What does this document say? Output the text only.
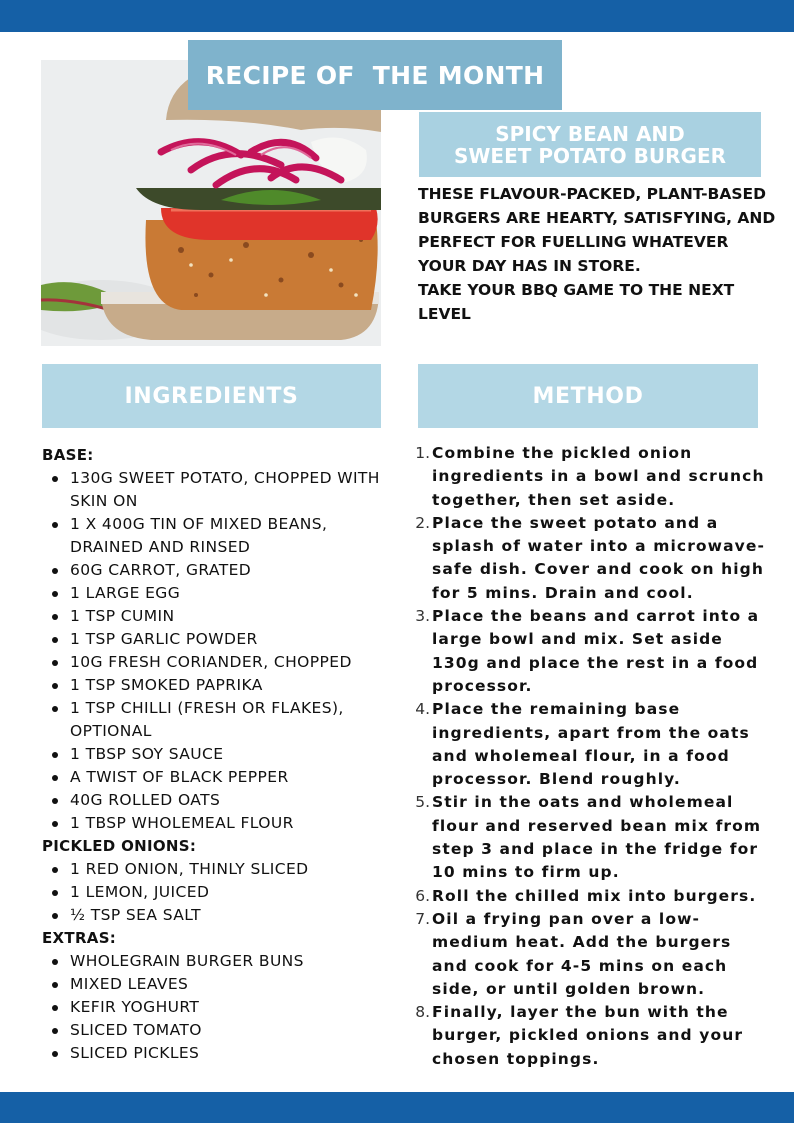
RECIPE OF  THE MONTH
SPICY BEAN AND
SWEET POTATO BURGER

THESE FLAVOUR-PACKED, PLANT-BASED BURGERS ARE HEARTY, SATISFYING, AND PERFECT FOR FUELLING WHATEVER YOUR DAY HAS IN STORE.

TAKE YOUR BBQ GAME TO THE NEXT LEVEL

INGREDIENTS	METHOD
BASE:
130G SWEET POTATO, CHOPPED WITH SKIN ON
1 X 400G TIN OF MIXED BEANS, DRAINED AND RINSED
60G CARROT, GRATED
1 LARGE EGG
1 TSP CUMIN
1 TSP GARLIC POWDER
10G FRESH CORIANDER, CHOPPED
1 TSP SMOKED PAPRIKA
1 TSP CHILLI (FRESH OR FLAKES), OPTIONAL
1 TBSP SOY SAUCE
A TWIST OF BLACK PEPPER
40G ROLLED OATS
1 TBSP WHOLEMEAL FLOUR
PICKLED ONIONS:
1 RED ONION, THINLY SLICED
1 LEMON, JUICED
½ TSP SEA SALT
EXTRAS:
WHOLEGRAIN BURGER BUNS
MIXED LEAVES
KEFIR YOGHURT
SLICED TOMATO
SLICED PICKLES
1. Combine the pickled onion ingredients in a bowl and scrunch together, then set aside.
2. Place the sweet potato and a splash of water into a microwave-safe dish. Cover and cook on high for 5 mins. Drain and cool.
3. Place the beans and carrot into a large bowl and mix. Set aside 130g and place the rest in a food processor.
4. Place the remaining base ingredients, apart from the oats and wholemeal flour, in a food processor. Blend roughly.
5. Stir in the oats and wholemeal flour and reserved bean mix from step 3 and place in the fridge for 10 mins to firm up.
6. Roll the chilled mix into burgers.
7. Oil a frying pan over a low-medium heat. Add the burgers and cook for 4-5 mins on each side, or until golden brown.
8. Finally, layer the bun with the burger, pickled onions and your chosen toppings.
